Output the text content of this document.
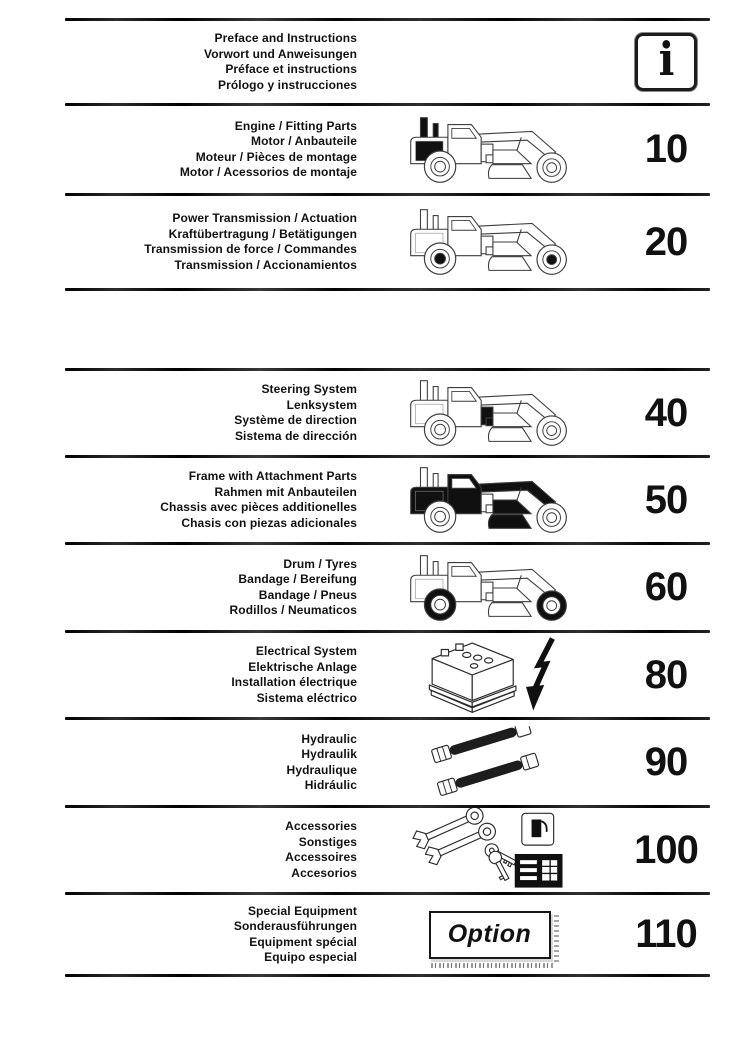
Preface and Instructions
Vorwort und Anweisungen
Préface et instructions
Prólogo y instrucciones	i
Engine / Fitting Parts
Motor / Anbauteile
Moteur / Pièces de montage
Motor / Acessorios de montaje
10
Power Transmission / Actuation
Kraftübertragung / Betätigungen
Transmission de force / Commandes
Transmission / Accionamientos
20
Steering System
Lenksystem
Système de direction
Sistema de dirección
40
Frame with Attachment Parts
Rahmen mit Anbauteilen
Chassis avec pièces additionelles
Chasis con piezas adicionales
50
Drum / Tyres
Bandage / Bereifung
Bandage / Pneus
Rodillos / Neumaticos
60
Electrical System
Elektrische Anlage
Installation électrique
Sistema eléctrico
80
Hydraulic
Hydraulik
Hydraulique
Hidráulic
90
Accessories
Sonstiges
Accessoires
Accesorios
100
Special Equipment
Sonderausführungen
Equipment spécial
Equipo especial
Option	110
